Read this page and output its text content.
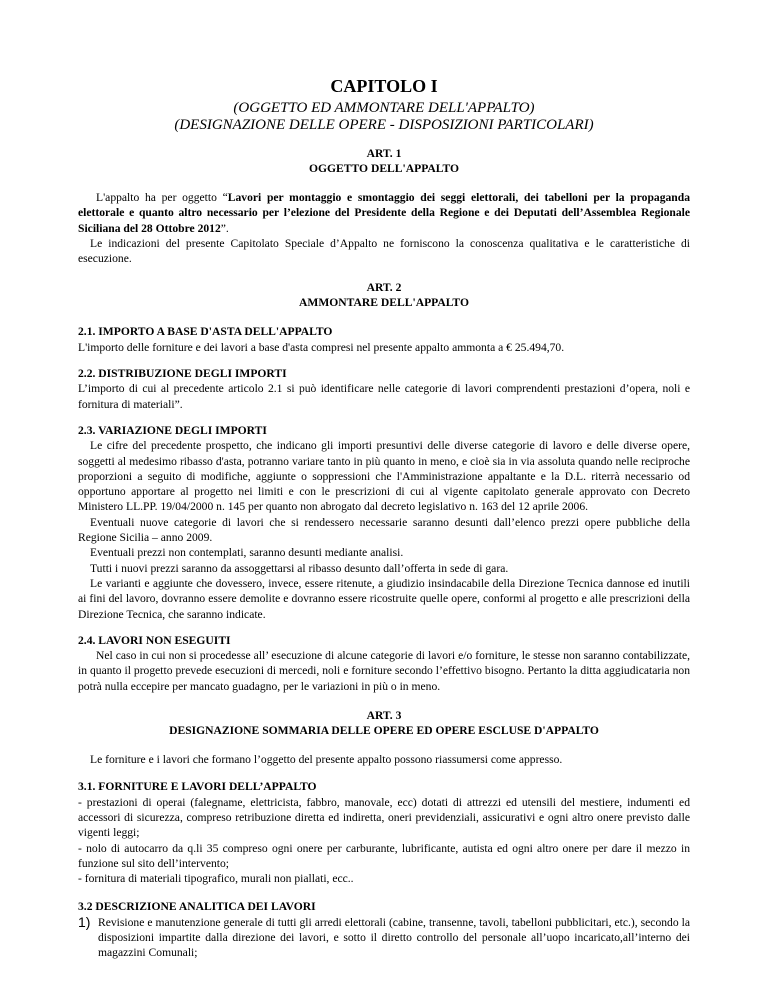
CAPITOLO I
(OGGETTO ED AMMONTARE DELL'APPALTO)
(DESIGNAZIONE DELLE OPERE - DISPOSIZIONI PARTICOLARI)
ART. 1
OGGETTO DELL'APPALTO

L'appalto ha per oggetto “Lavori per montaggio e smontaggio dei seggi elettorali, dei tabelloni per la propaganda elettorale e quanto altro necessario per l’elezione del Presidente della Regione e dei Deputati dell’Assemblea Regionale Siciliana del 28 Ottobre 2012”.

Le indicazioni del presente Capitolato Speciale d’Appalto ne forniscono la conoscenza qualitativa e le caratteristiche di esecuzione.

ART. 2
AMMONTARE DELL'APPALTO
2.1. IMPORTO A BASE D'ASTA DELL'APPALTO

L'importo delle forniture e dei lavori a base d'asta compresi nel presente appalto ammonta a € 25.494,70.

2.2. DISTRIBUZIONE DEGLI IMPORTI

L’importo di cui al precedente articolo 2.1 si può identificare nelle categorie di lavori comprendenti prestazioni d’opera, noli e fornitura di materiali”.

2.3. VARIAZIONE DEGLI IMPORTI

Le cifre del precedente prospetto, che indicano gli importi presuntivi delle diverse categorie di lavoro e delle diverse opere, soggetti al medesimo ribasso d'asta, potranno variare tanto in più quanto in meno, e cioè sia in via assoluta quando nelle reciproche proporzioni a seguito di modifiche, aggiunte o soppressioni che l'Amministrazione appaltante e la D.L. riterrà necessario od opportuno apportare al progetto nei limiti e con le prescrizioni di cui al vigente capitolato generale approvato con Decreto Ministero LL.PP. 19/04/2000 n. 145 per quanto non abrogato dal decreto legislativo n. 163 del 12 aprile 2006.

Eventuali nuove categorie di lavori che si rendessero necessarie saranno desunti dall’elenco prezzi opere pubbliche della Regione Sicilia – anno 2009.

Eventuali prezzi non contemplati, saranno desunti mediante analisi.

Tutti i nuovi prezzi saranno da assoggettarsi al ribasso desunto dall’offerta in sede di gara.

Le varianti e aggiunte che dovessero, invece, essere ritenute, a giudizio insindacabile della Direzione Tecnica dannose ed inutili ai fini del lavoro, dovranno essere demolite e dovranno essere ricostruite quelle opere, conformi al progetto e alle prescrizioni della Direzione Tecnica, che saranno indicate.

2.4. LAVORI NON ESEGUITI

Nel caso in cui non si procedesse all’ esecuzione di alcune categorie di lavori e/o forniture, le stesse non saranno contabilizzate, in quanto il progetto prevede esecuzioni di mercedi, noli e forniture secondo l’effettivo bisogno. Pertanto la ditta aggiudicataria non potrà nulla eccepire per mancato guadagno, per le variazioni in più o in meno.

ART. 3
DESIGNAZIONE SOMMARIA DELLE OPERE ED OPERE ESCLUSE D'APPALTO

Le forniture e i lavori che formano l’oggetto del presente appalto possono riassumersi come appresso.

3.1. FORNITURE E LAVORI DELL’APPALTO

- prestazioni di operai (falegname, elettricista, fabbro, manovale, ecc) dotati di attrezzi ed utensili del mestiere, indumenti ed accessori di sicurezza, compreso retribuzione diretta ed indiretta, oneri previdenziali, assicurativi e ogni altro onere previsto dalle vigenti leggi;

- nolo di autocarro da q.li 35 compreso ogni onere per carburante, lubrificante, autista ed ogni altro onere per dare il mezzo in funzione sul sito dell’intervento;

- fornitura di materiali tipografico, murali non piallati, ecc..

3.2 DESCRIZIONE ANALITICA DEI LAVORI
1) Revisione e manutenzione generale di tutti gli arredi elettorali (cabine, transenne, tavoli, tabelloni pubblicitari, etc.), secondo la disposizioni impartite dalla direzione dei lavori, e sotto il diretto controllo del personale all’uopo incaricato,all’interno dei magazzini Comunali;
